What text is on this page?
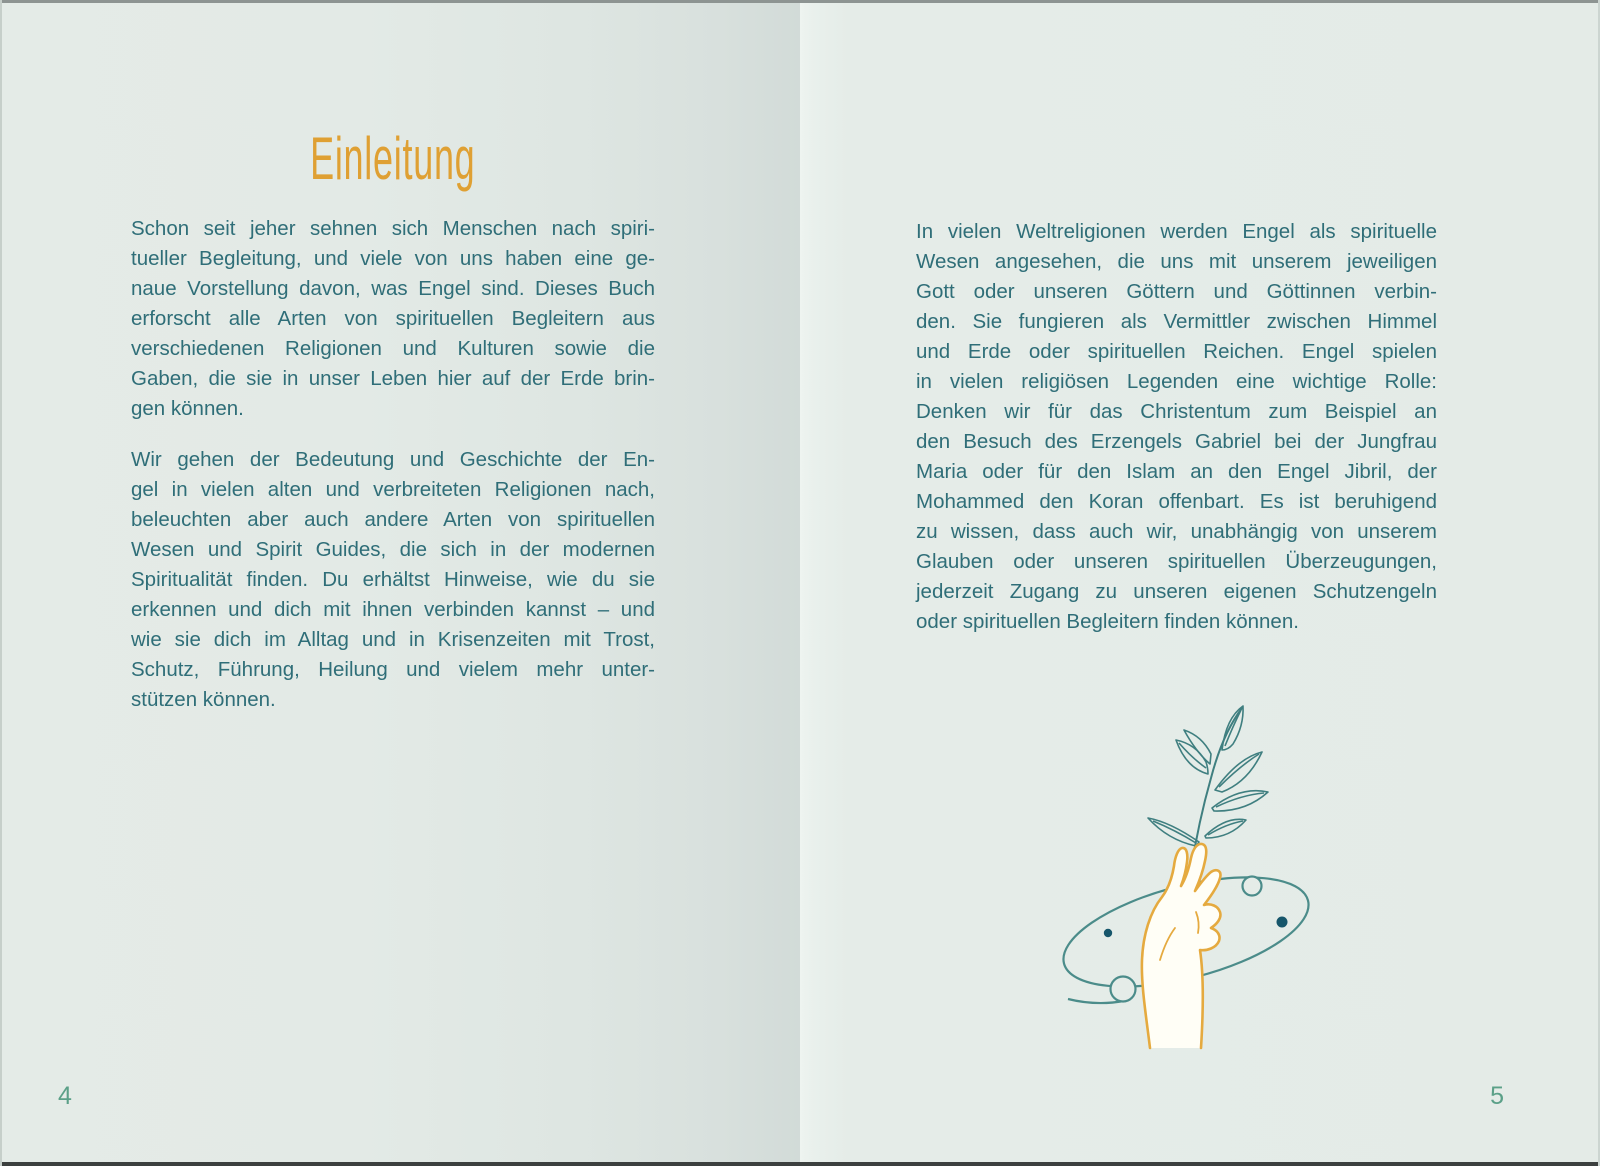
Einleitung
Schon seit jeher sehnen sich Menschen nach spiri-
tueller Begleitung, und viele von uns haben eine ge-
naue Vorstellung davon, was Engel sind. Dieses Buch
erforscht alle Arten von spirituellen Begleitern aus
verschiedenen Religionen und Kulturen sowie die
Gaben, die sie in unser Leben hier auf der Erde brin-
gen können.
Wir gehen der Bedeutung und Geschichte der En-
gel in vielen alten und verbreiteten Religionen nach,
beleuchten aber auch andere Arten von spirituellen
Wesen und Spirit Guides, die sich in der modernen
Spiritualität finden. Du erhältst Hinweise, wie du sie
erkennen und dich mit ihnen verbinden kannst – und
wie sie dich im Alltag und in Krisenzeiten mit Trost,
Schutz, Führung, Heilung und vielem mehr unter-
stützen können.
4
In vielen Weltreligionen werden Engel als spirituelle
Wesen angesehen, die uns mit unserem jeweiligen
Gott oder unseren Göttern und Göttinnen verbin-
den. Sie fungieren als Vermittler zwischen Himmel
und Erde oder spirituellen Reichen. Engel spielen
in vielen religiösen Legenden eine wichtige Rolle:
Denken wir für das Christentum zum Beispiel an
den Besuch des Erzengels Gabriel bei der Jungfrau
Maria oder für den Islam an den Engel Jibril, der
Mohammed den Koran offenbart. Es ist beruhigend
zu wissen, dass auch wir, unabhängig von unserem
Glauben oder unseren spirituellen Überzeugungen,
jederzeit Zugang zu unseren eigenen Schutzengeln
oder spirituellen Begleitern finden können.
5
